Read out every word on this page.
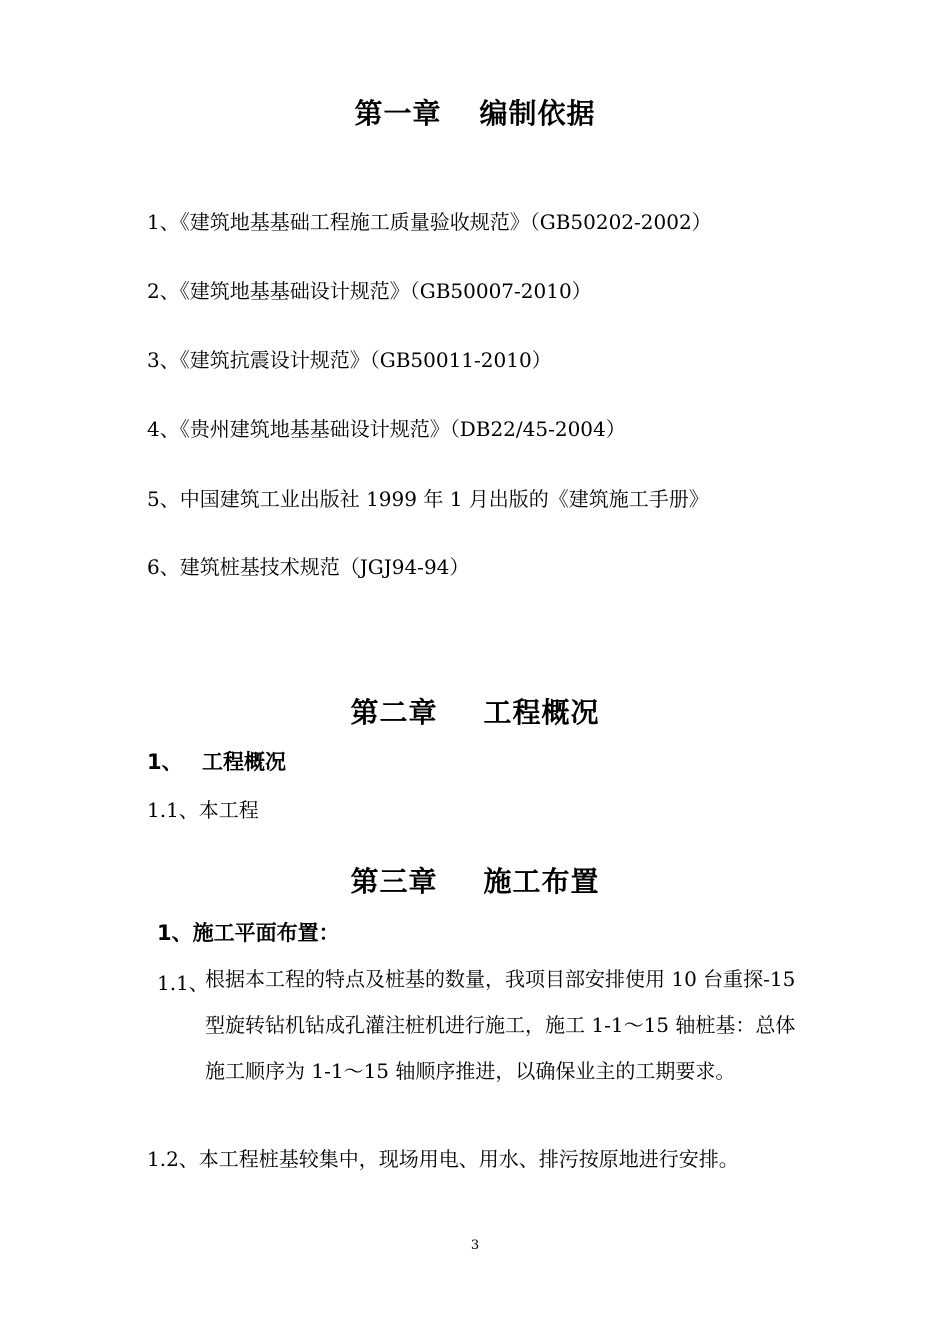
第一章 编制依据
1、《建筑地基基础工程施工质量验收规范》（GB50202-2002）
2、《建筑地基基础设计规范》（GB50007-2010）
3、《建筑抗震设计规范》（GB50011-2010）
4、《贵州建筑地基基础设计规范》（DB22/45-2004）
5、中国建筑工业出版社 1999 年 1 月出版的《建筑施工手册》
6、建筑桩基技术规范（JGJ94-94）
第二章 工程概况
1、 工程概况
1.1、本工程
第三章 施工布置
1、施工平面布置：
1.1、
根据本工程的特点及桩基的数量，我项目部安排使用 10 台重探-15 型旋转钻机钻成孔灌注桩机进行施工，施工 1-1～15 轴桩基：总体施工顺序为 1-1～15 轴顺序推进，以确保业主的工期要求。
1.2、本工程桩基较集中，现场用电、用水、排污按原地进行安排。
3
